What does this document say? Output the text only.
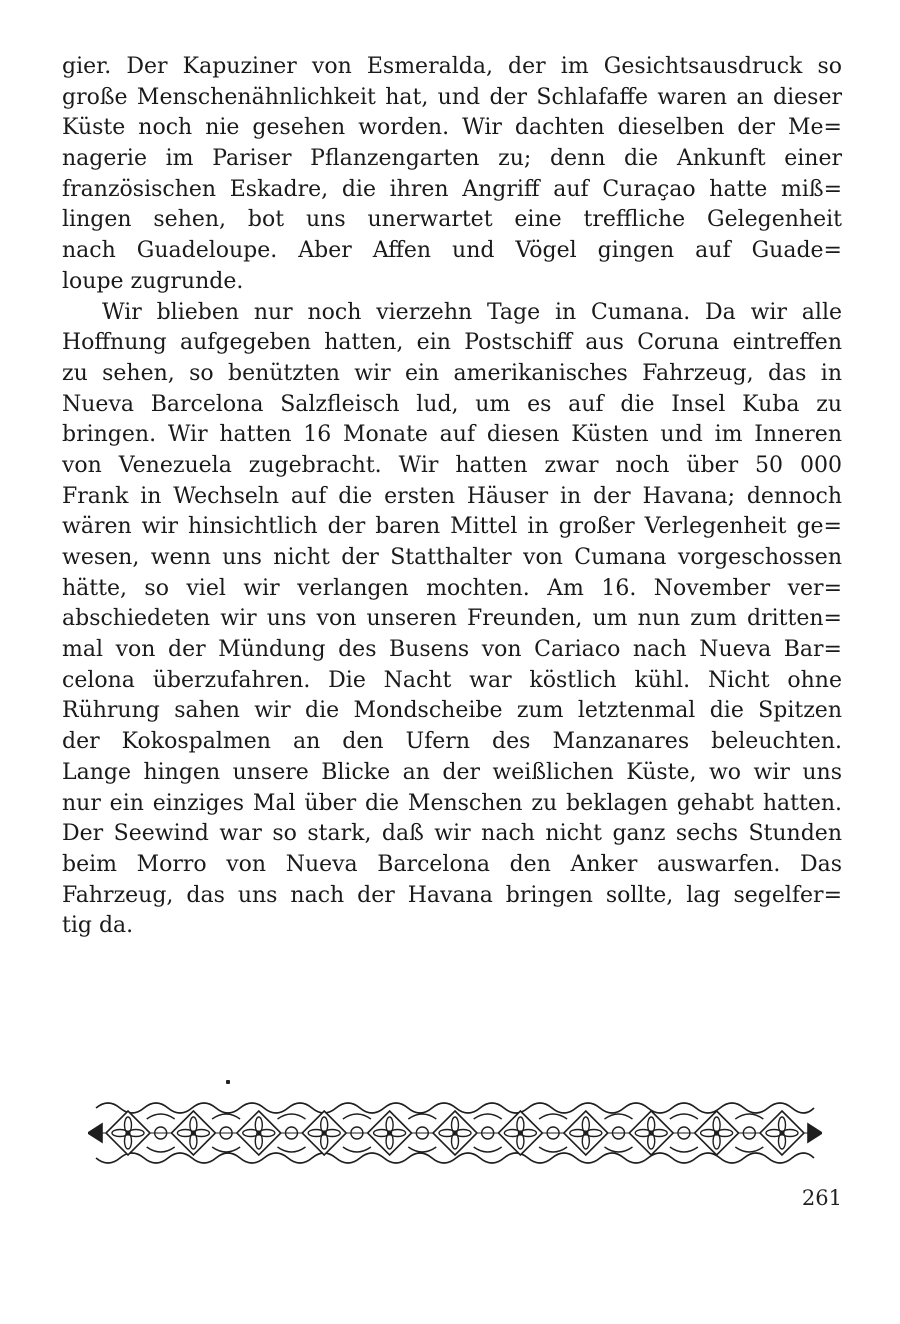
gier. Der Kapuziner von Esmeralda, der im Gesichtsausdruck so
große Menschenähnlichkeit hat, und der Schlafaffe waren an dieser
Küste noch nie gesehen worden. Wir dachten dieselben der Me=
nagerie im Pariser Pflanzengarten zu; denn die Ankunft einer
französischen Eskadre, die ihren Angriff auf Curaçao hatte miß=
lingen sehen, bot uns unerwartet eine treffliche Gelegenheit
nach Guadeloupe. Aber Affen und Vögel gingen auf Guade=
loupe zugrunde.
Wir blieben nur noch vierzehn Tage in Cumana. Da wir alle
Hoffnung aufgegeben hatten, ein Postschiff aus Coruna eintreffen
zu sehen, so benützten wir ein amerikanisches Fahrzeug, das in
Nueva Barcelona Salzfleisch lud, um es auf die Insel Kuba zu
bringen. Wir hatten 16 Monate auf diesen Küsten und im Inneren
von Venezuela zugebracht. Wir hatten zwar noch über 50 000
Frank in Wechseln auf die ersten Häuser in der Havana; dennoch
wären wir hinsichtlich der baren Mittel in großer Verlegenheit ge=
wesen, wenn uns nicht der Statthalter von Cumana vorgeschossen
hätte, so viel wir verlangen mochten. Am 16. November ver=
abschiedeten wir uns von unseren Freunden, um nun zum dritten=
mal von der Mündung des Busens von Cariaco nach Nueva Bar=
celona überzufahren. Die Nacht war köstlich kühl. Nicht ohne
Rührung sahen wir die Mondscheibe zum letztenmal die Spitzen
der Kokospalmen an den Ufern des Manzanares beleuchten.
Lange hingen unsere Blicke an der weißlichen Küste, wo wir uns
nur ein einziges Mal über die Menschen zu beklagen gehabt hatten.
Der Seewind war so stark, daß wir nach nicht ganz sechs Stunden
beim Morro von Nueva Barcelona den Anker auswarfen. Das
Fahrzeug, das uns nach der Havana bringen sollte, lag segelfer=
tig da.
261
